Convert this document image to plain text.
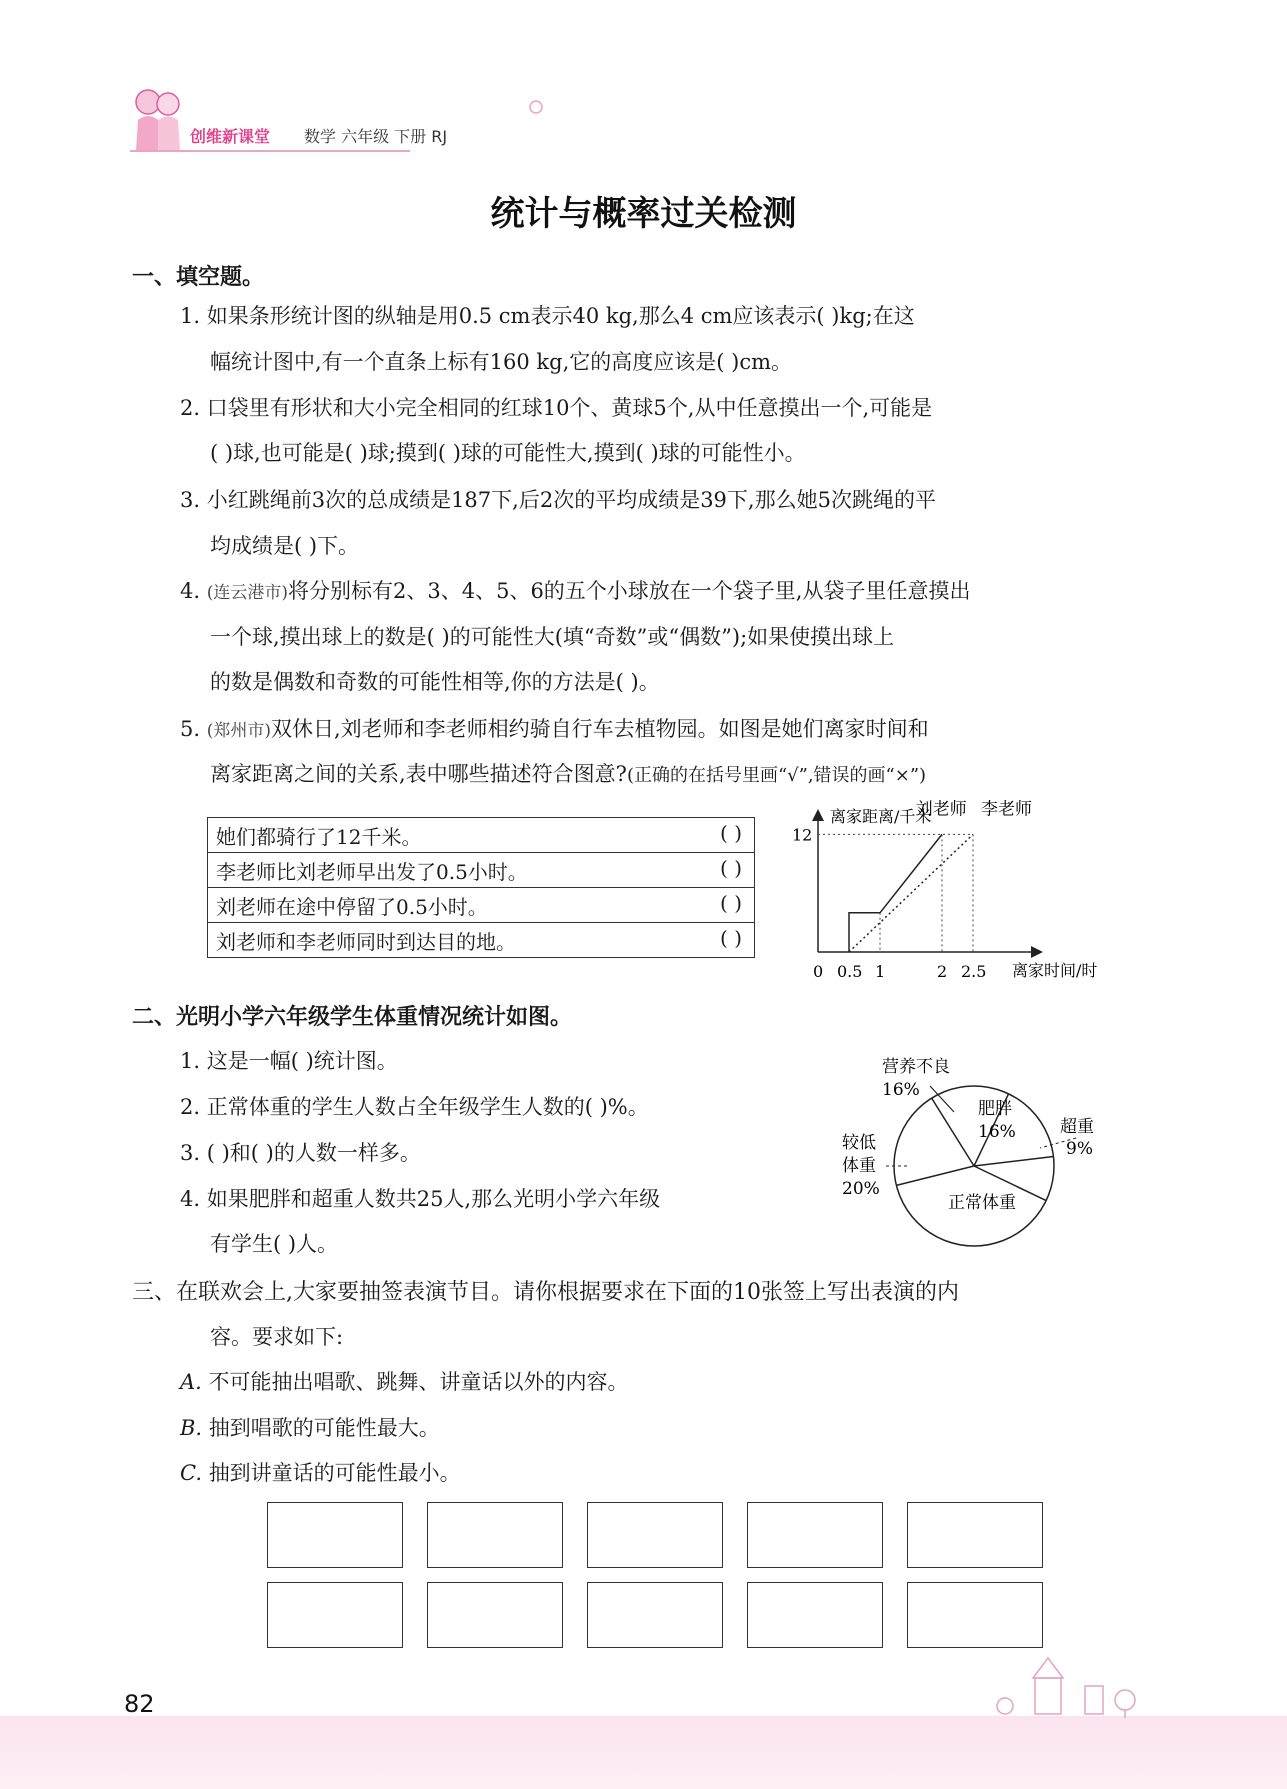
创维新课堂 数学 六年级 下册 RJ
统计与概率过关检测
一、填空题。
1. 如果条形统计图的纵轴是用0.5 cm表示40 kg,那么4 cm应该表示( )kg;在这
幅统计图中,有一个直条上标有160 kg,它的高度应该是( )cm。
2. 口袋里有形状和大小完全相同的红球10个、黄球5个,从中任意摸出一个,可能是
( )球,也可能是( )球;摸到( )球的可能性大,摸到( )球的可能性小。
3. 小红跳绳前3次的总成绩是187下,后2次的平均成绩是39下,那么她5次跳绳的平
均成绩是( )下。
4. (连云港市)将分别标有2、3、4、5、6的五个小球放在一个袋子里,从袋子里任意摸出
一个球,摸出球上的数是( )的可能性大(填“奇数”或“偶数”);如果使摸出球上
的数是偶数和奇数的可能性相等,你的方法是( )。
5. (郑州市)双休日,刘老师和李老师相约骑自行车去植物园。如图是她们离家时间和
离家距离之间的关系,表中哪些描述符合图意?(正确的在括号里画“√”,错误的画“×”)
她们都骑行了12千米。	( )

李老师比刘老师早出发了0.5小时。	( )

刘老师在途中停留了0.5小时。	( )

刘老师和李老师同时到达目的地。	( )
离家距离/千米
离家时间/时
0 0.5 1	2 2.5
12
刘老师 李老师
二、光明小学六年级学生体重情况统计如图。
1. 这是一幅( )统计图。
2. 正常体重的学生人数占全年级学生人数的( )%。
3. ( )和( )的人数一样多。
4. 如果肥胖和超重人数共25人,那么光明小学六年级
有学生( )人。
营养不良
16%
肥胖
16%	超重
9%
正常体重
较低
体重
20%
三、在联欢会上,大家要抽签表演节目。请你根据要求在下面的10张签上写出表演的内
容。要求如下:
A. 不可能抽出唱歌、跳舞、讲童话以外的内容。
B. 抽到唱歌的可能性最大。
C. 抽到讲童话的可能性最小。
82
